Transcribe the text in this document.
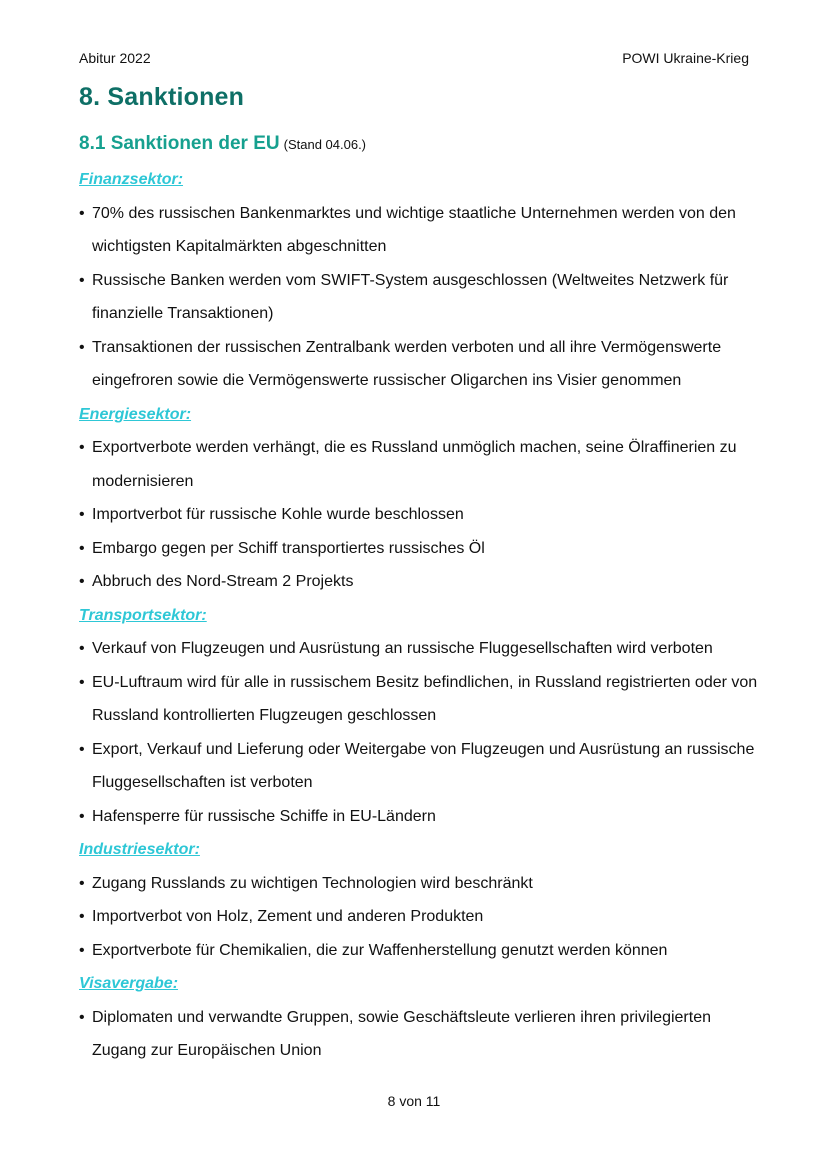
Abitur 2022	POWI Ukraine-Krieg
8. Sanktionen
8.1 Sanktionen der EU (Stand 04.06.)
Finanzsektor:
• 70% des russischen Bankenmarktes und wichtige staatliche Unternehmen werden von den wichtigsten Kapitalmärkten abgeschnitten
• Russische Banken werden vom SWIFT-System ausgeschlossen (Weltweites Netzwerk für finanzielle Transaktionen)
• Transaktionen der russischen Zentralbank werden verboten und all ihre Vermögenswerte eingefroren sowie die Vermögenswerte russischer Oligarchen ins Visier genommen
Energiesektor:
• Exportverbote werden verhängt, die es Russland unmöglich machen, seine Ölraffinerien zu modernisieren
• Importverbot für russische Kohle wurde beschlossen
• Embargo gegen per Schiff transportiertes russisches Öl
• Abbruch des Nord-Stream 2 Projekts
Transportsektor:
• Verkauf von Flugzeugen und Ausrüstung an russische Fluggesellschaften wird verboten
• EU-Luftraum wird für alle in russischem Besitz befindlichen, in Russland registrierten oder von Russland kontrollierten Flugzeugen geschlossen
• Export, Verkauf und Lieferung oder Weitergabe von Flugzeugen und Ausrüstung an russische Fluggesellschaften ist verboten
• Hafensperre für russische Schiffe in EU-Ländern
Industriesektor:
• Zugang Russlands zu wichtigen Technologien wird beschränkt
• Importverbot von Holz, Zement und anderen Produkten
• Exportverbote für Chemikalien, die zur Waffenherstellung genutzt werden können
Visavergabe:
• Diplomaten und verwandte Gruppen, sowie Geschäftsleute verlieren ihren privilegierten Zugang zur Europäischen Union
8 von 11
